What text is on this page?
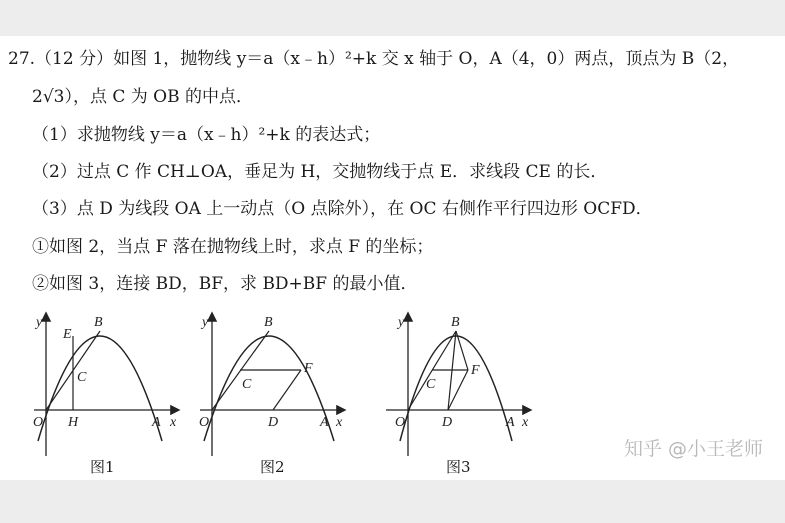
27.（12 分）如图 1，抛物线 y＝a（x﹣h）²+k 交 x 轴于 O，A（4，0）两点，顶点为 B（2，
2√3），点 C 为 OB 的中点．
（1）求抛物线 y＝a（x﹣h）²+k 的表达式；
（2）过点 C 作 CH⊥OA，垂足为 H，交抛物线于点 E．求线段 CE 的长．
（3）点 D 为线段 OA 上一动点（O 点除外），在 OC 右侧作平行四边形 OCFD．
①如图 2，当点 F 落在抛物线上时，求点 F 的坐标；
②如图 3，连接 BD，BF，求 BD+BF 的最小值．
y
x
O	A
B
E
C
H
图1
y
x
O	A
B
C
F
D
图2
y
x
O	A
B
C
F
D
图3
知乎 @小王老师
